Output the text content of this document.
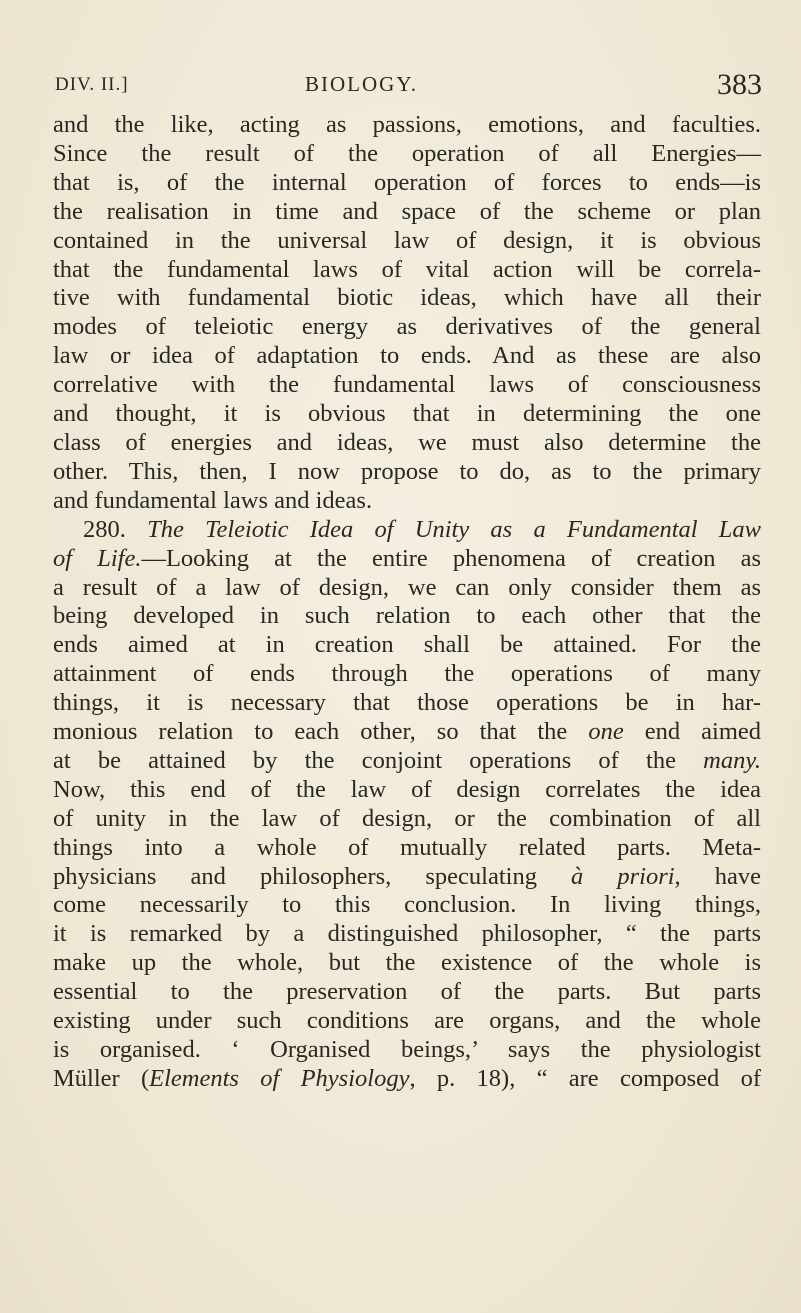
DIV. II.]	BIOLOGY.	383

and the like, acting as passions, emotions, and faculties.
Since the result of the operation of all Energies—
that is, of the internal operation of forces to ends—is
the realisation in time and space of the scheme or plan
contained in the universal law of design, it is obvious
that the fundamental laws of vital action will be correla-
tive with fundamental biotic ideas, which have all their
modes of teleiotic energy as derivatives of the general
law or idea of adaptation to ends. And as these are also
correlative with the fundamental laws of consciousness
and thought, it is obvious that in determining the one
class of energies and ideas, we must also determine the
other. This, then, I now propose to do, as to the primary
and fundamental laws and ideas.

280. The Teleiotic Idea of Unity as a Fundamental Law
of Life.—Looking at the entire phenomena of creation as
a result of a law of design, we can only consider them as
being developed in such relation to each other that the
ends aimed at in creation shall be attained. For the
attainment of ends through the operations of many
things, it is necessary that those operations be in har-
monious relation to each other, so that the one end aimed
at be attained by the conjoint operations of the many.
Now, this end of the law of design correlates the idea
of unity in the law of design, or the combination of all
things into a whole of mutually related parts. Meta-
physicians and philosophers, speculating à priori, have
come necessarily to this conclusion. In living things,
it is remarked by a distinguished philosopher, “ the parts
make up the whole, but the existence of the whole is
essential to the preservation of the parts. But parts
existing under such conditions are organs, and the whole
is organised. ‘ Organised beings,’ says the physiologist
Müller (Elements of Physiology, p. 18), “ are composed of
